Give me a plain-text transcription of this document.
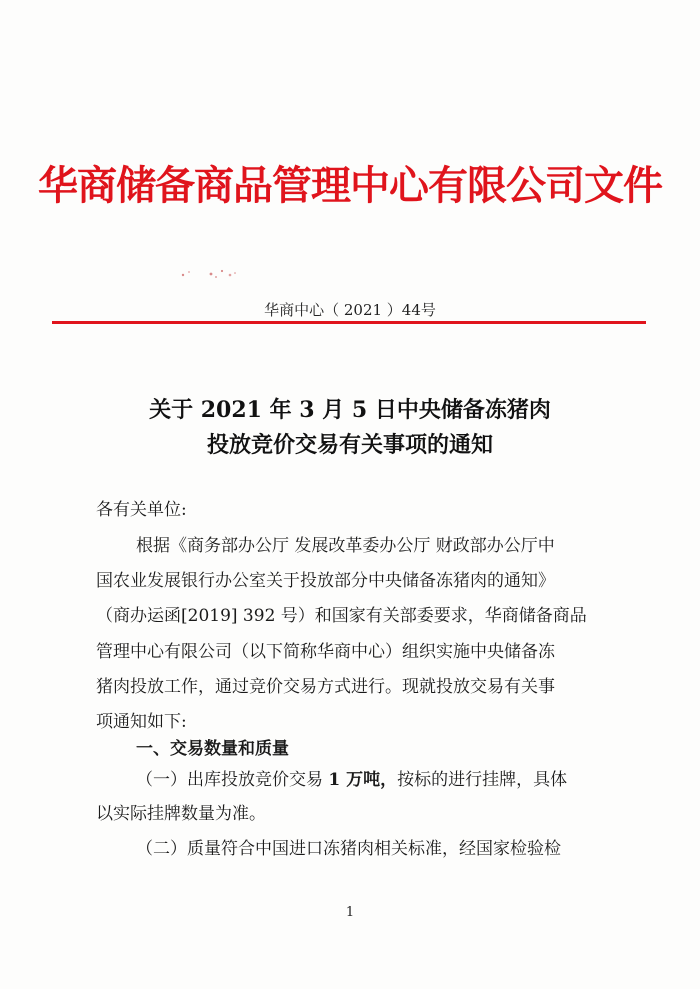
华商储备商品管理中心有限公司文件
华商中心（ 2021 ）44号
关于 2021 年 3 月 5 日中央储备冻猪肉
投放竞价交易有关事项的通知
各有关单位:
根据《商务部办公厅 发展改革委办公厅 财政部办公厅中
国农业发展银行办公室关于投放部分中央储备冻猪肉的通知》
（商办运函[2019] 392 号）和国家有关部委要求，华商储备商品
管理中心有限公司（以下简称华商中心）组织实施中央储备冻
猪肉投放工作，通过竞价交易方式进行。现就投放交易有关事
项通知如下:
一、交易数量和质量
（一）出库投放竞价交易 1 万吨，按标的进行挂牌，具体
以实际挂牌数量为准。
（二）质量符合中国进口冻猪肉相关标准，经国家检验检
1
